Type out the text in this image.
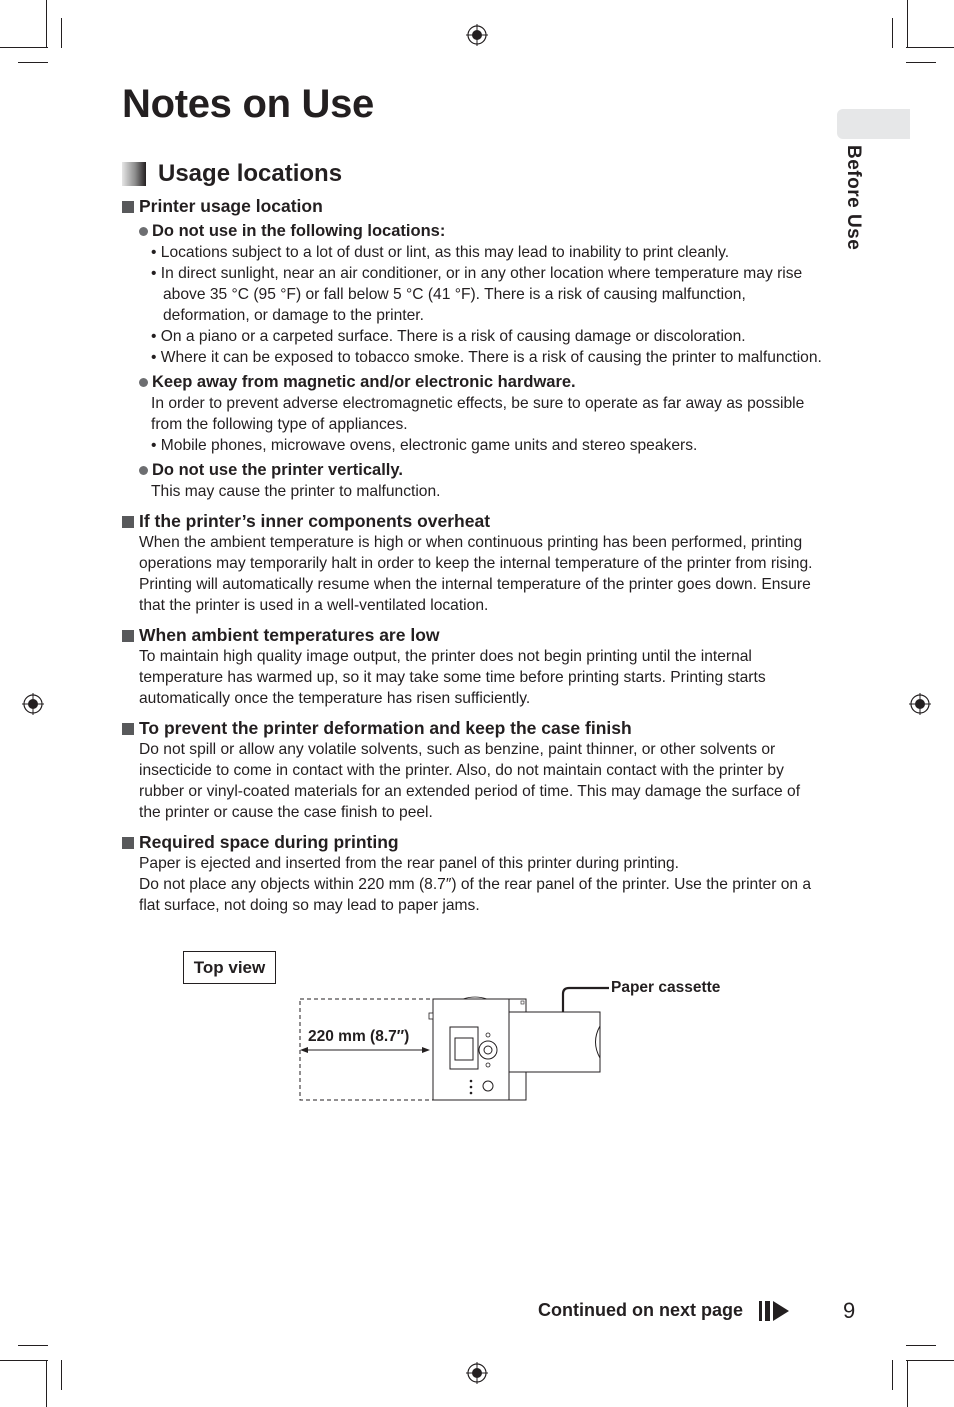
Before Use
Notes on Use
Usage locations
Printer usage location
Do not use in the following locations:
• Locations subject to a lot of dust or lint, as this may lead to inability to print cleanly.
• In direct sunlight, near an air conditioner, or in any other location where temperature may rise above 35 °C (95 °F) or fall below 5 °C (41 °F). There is a risk of causing malfunction, deformation, or damage to the printer.
• On a piano or a carpeted surface. There is a risk of causing damage or discoloration.
• Where it can be exposed to tobacco smoke. There is a risk of causing the printer to malfunction.
Keep away from magnetic and/or electronic hardware.
In order to prevent adverse electromagnetic effects, be sure to operate as far away as possible from the following type of appliances.
• Mobile phones, microwave ovens, electronic game units and stereo speakers.
Do not use the printer vertically.
This may cause the printer to malfunction.
If the printer’s inner components overheat
When the ambient temperature is high or when continuous printing has been performed, printing operations may temporarily halt in order to keep the internal temperature of the printer from rising. Printing will automatically resume when the internal temperature of the printer goes down. Ensure that the printer is used in a well-ventilated location.
When ambient temperatures are low
To maintain high quality image output, the printer does not begin printing until the internal temperature has warmed up, so it may take some time before printing starts. Printing starts automatically once the temperature has risen sufficiently.
To prevent the printer deformation and keep the case finish
Do not spill or allow any volatile solvents, such as benzine, paint thinner, or other solvents or insecticide to come in contact with the printer. Also, do not maintain contact with the printer by rubber or vinyl-coated materials for an extended period of time. This may damage the surface of the printer or cause the case finish to peel.
Required space during printing
Paper is ejected and inserted from the rear panel of this printer during printing.
Do not place any objects within 220 mm (8.7″) of the rear panel of the printer. Use the printer on a flat surface, not doing so may lead to paper jams.
Top view
220 mm (8.7″)
Paper cassette
Continued on next page	9
